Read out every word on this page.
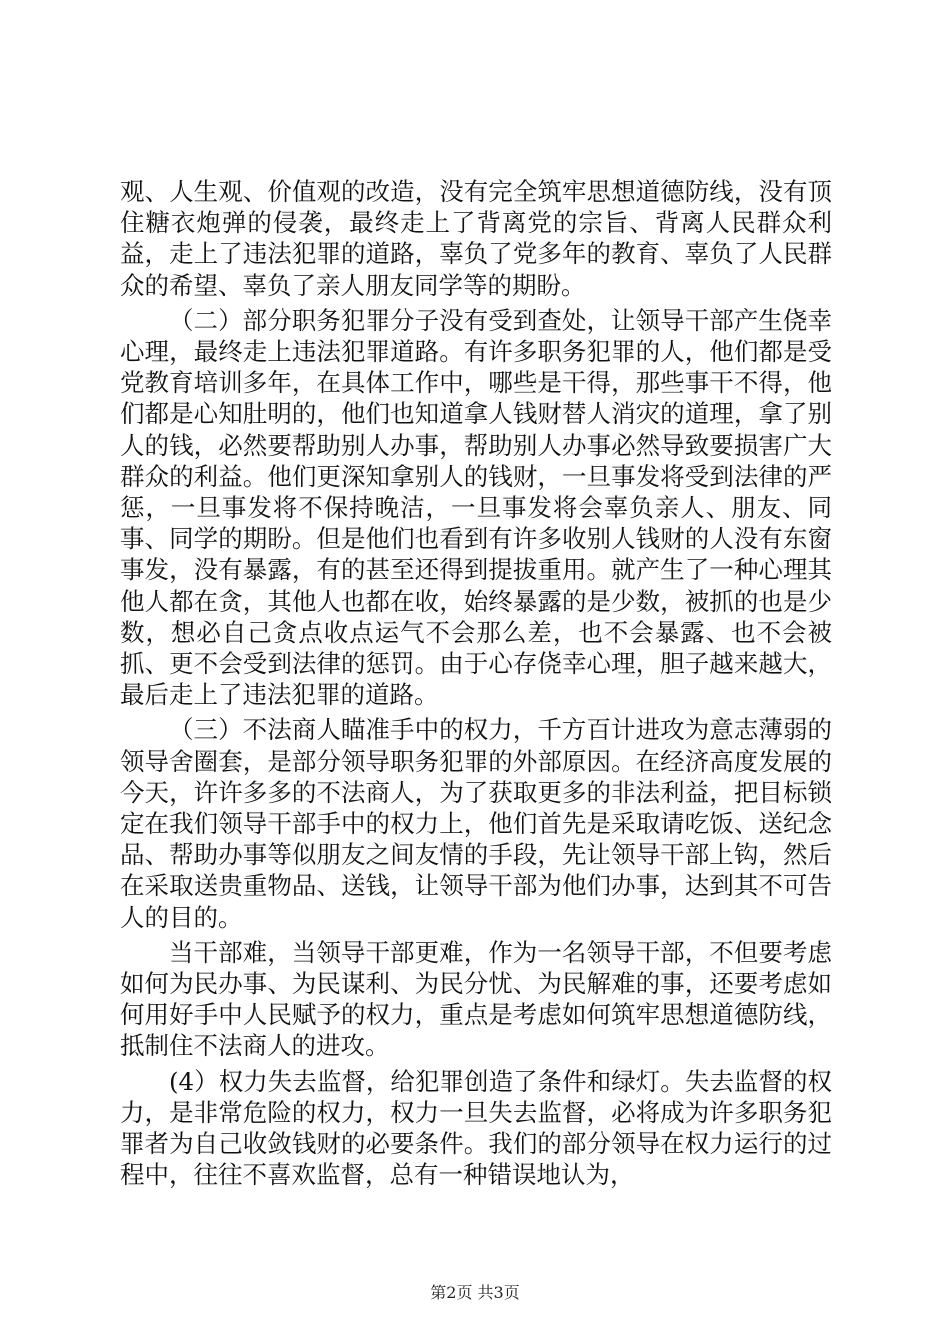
观、人生观、价值观的改造，没有完全筑牢思想道德防线，没有顶住糖衣炮弹的侵袭，最终走上了背离党的宗旨、背离人民群众利益，走上了违法犯罪的道路，辜负了党多年的教育、辜负了人民群众的希望、辜负了亲人朋友同学等的期盼。

（二）部分职务犯罪分子没有受到查处，让领导干部产生侥幸心理，最终走上违法犯罪道路。有许多职务犯罪的人，他们都是受党教育培训多年，在具体工作中，哪些是干得，那些事干不得，他们都是心知肚明的，他们也知道拿人钱财替人消灾的道理，拿了别人的钱，必然要帮助别人办事，帮助别人办事必然导致要损害广大群众的利益。他们更深知拿别人的钱财，一旦事发将受到法律的严惩，一旦事发将不保持晚洁，一旦事发将会辜负亲人、朋友、同事、同学的期盼。但是他们也看到有许多收别人钱财的人没有东窗事发，没有暴露，有的甚至还得到提拔重用。就产生了一种心理其他人都在贪，其他人也都在收，始终暴露的是少数，被抓的也是少数，想必自己贪点收点运气不会那么差，也不会暴露、也不会被抓、更不会受到法律的惩罚。由于心存侥幸心理，胆子越来越大，最后走上了违法犯罪的道路。

（三）不法商人瞄准手中的权力，千方百计进攻为意志薄弱的领导舍圈套，是部分领导职务犯罪的外部原因。在经济高度发展的今天，许许多多的不法商人，为了获取更多的非法利益，把目标锁定在我们领导干部手中的权力上，他们首先是采取请吃饭、送纪念品、帮助办事等似朋友之间友情的手段，先让领导干部上钩，然后在采取送贵重物品、送钱，让领导干部为他们办事，达到其不可告人的目的。

当干部难，当领导干部更难，作为一名领导干部，不但要考虑如何为民办事、为民谋利、为民分忧、为民解难的事，还要考虑如何用好手中人民赋予的权力，重点是考虑如何筑牢思想道德防线，抵制住不法商人的进攻。

(4）权力失去监督，给犯罪创造了条件和绿灯。失去监督的权力，是非常危险的权力，权力一旦失去监督，必将成为许多职务犯罪者为自己收敛钱财的必要条件。我们的部分领导在权力运行的过程中，往往不喜欢监督，总有一种错误地认为，

第2页 共3页
